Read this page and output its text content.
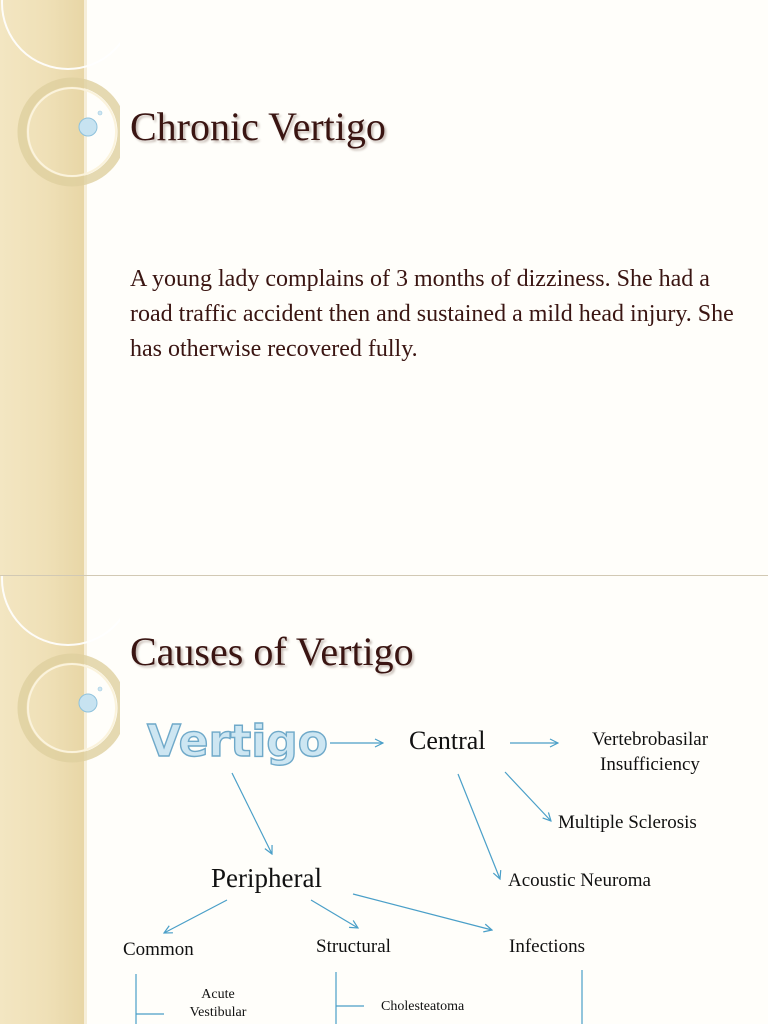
Chronic Vertigo

A young lady complains of 3 months of dizziness. She had a road traffic accident then and sustained a mild head injury. She has otherwise recovered fully.

Causes of Vertigo
Vertigo	Central	Vertebrobasilar Insufficiency
Multiple Sclerosis
Acoustic Neuroma
Peripheral
Common	Structural	Infections
Acute Vestibular	Cholesteatoma
